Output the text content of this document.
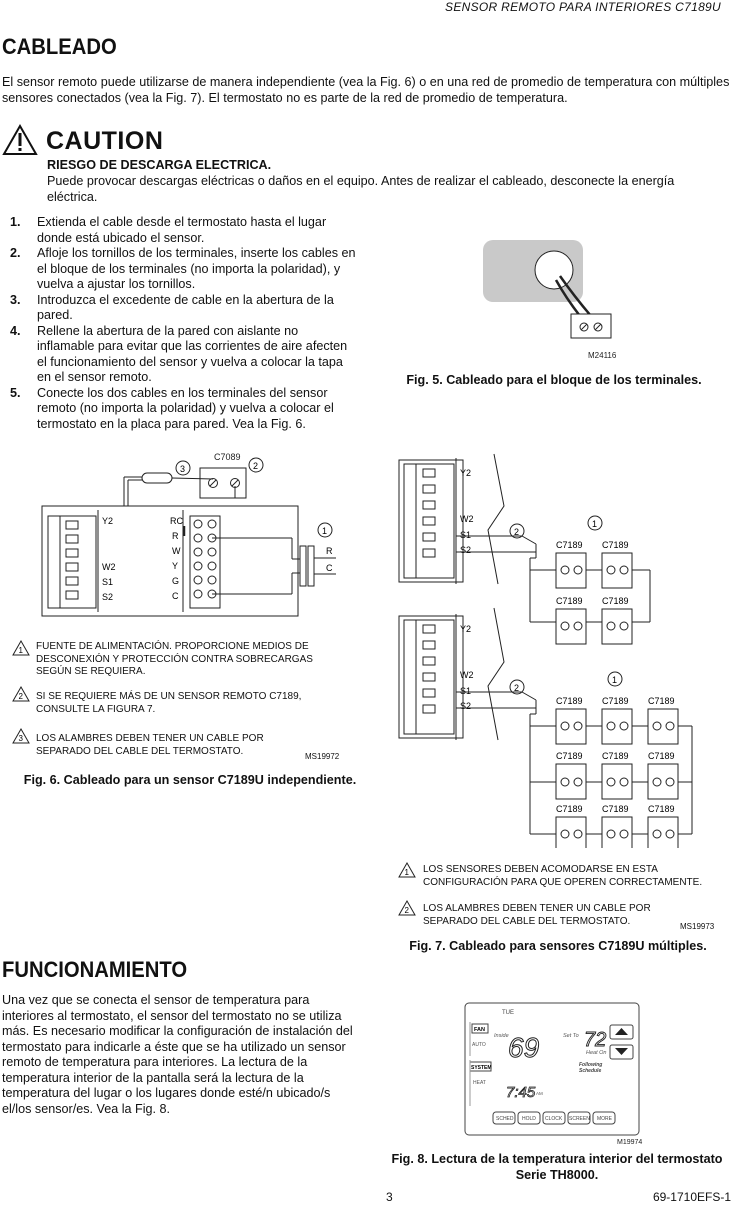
SENSOR REMOTO PARA INTERIORES C7189U
CABLEADO
El sensor remoto puede utilizarse de manera independiente (vea la Fig. 6) o en una red de promedio de temperatura con múltiples sensores conectados (vea la Fig. 7). El termostato no es parte de la red de promedio de temperatura.
CAUTION
RIESGO DE DESCARGA ELECTRICA.
Puede provocar descargas eléctricas o daños en el equipo. Antes de realizar el cableado, desconecte la energía eléctrica.
1. Extienda el cable desde el termostato hasta el lugar donde está ubicado el sensor.
2. Afloje los tornillos de los terminales, inserte los cables en el bloque de los terminales (no importa la polaridad), y vuelva a ajustar los tornillos.
3. Introduzca el excedente de cable en la abertura de la pared.
4. Rellene la abertura de la pared con aislante no inflamable para evitar que las corrientes de aire afecten el funcionamiento del sensor y vuelva a colocar la tapa en el sensor remoto.
5. Conecte los dos cables en los terminales del sensor remoto (no importa la polaridad) y vuelva a colocar el termostato en la placa para pared. Vea la Fig. 6.
M24116
Fig. 5. Cableado para el bloque de los terminales.
C7089
2
3
Y2
W2
S1
S2
RC
R
W
Y
G
C
1
R
C
1
2
3
FUENTE DE ALIMENTACIÓN. PROPORCIONE MEDIOS DE DESCONEXIÓN Y PROTECCIÓN CONTRA SOBRECARGAS SEGÚN SE REQUIERA.
SI SE REQUIERE MÁS DE UN SENSOR REMOTO C7189, CONSULTE LA FIGURA 7.
LOS ALAMBRES DEBEN TENER UN CABLE POR SEPARADO DEL CABLE DEL TERMOSTATO.	MS19972
Fig. 6. Cableado para un sensor C7189U independiente.
Y2
W2
S1
S2
2
1
C7189 C7189
C7189 C7189
Y2
W2
S1
S2
2
1
C7189 C7189 C7189
C7189 C7189 C7189
C7189 C7189 C7189
1
2
LOS SENSORES DEBEN ACOMODARSE EN ESTA CONFIGURACIÓN PARA QUE OPEREN CORRECTAMENTE.
LOS ALAMBRES DEBEN TENER UN CABLE POR SEPARADO DEL CABLE DEL TERMOSTATO.	MS19973
Fig. 7. Cableado para sensores C7189U múltiples.
FUNCIONAMIENTO
Una vez que se conecta el sensor de temperatura para interiores al termostato, el sensor del termostato no se utiliza más. Es necesario modificar la configuración de instalación del termostato para indicarle a éste que se ha utilizado un sensor remoto de temperatura para interiores. La lectura de la temperatura interior de la pantalla será la lectura de la temperatura del lugar o los lugares donde esté/n ubicado/s el/los sensor/es. Vea la Fig. 8.
TUE
FAN
AUTO
SYSTEM
HEAT
Inside 69	Set To 72
Heat On
Following
Schedule
7:45 AM
SCHED HOLD CLOCK SCREEN MORE
M19974
Fig. 8. Lectura de la temperatura interior del termostato Serie TH8000.
3	69-1710EFS-1
